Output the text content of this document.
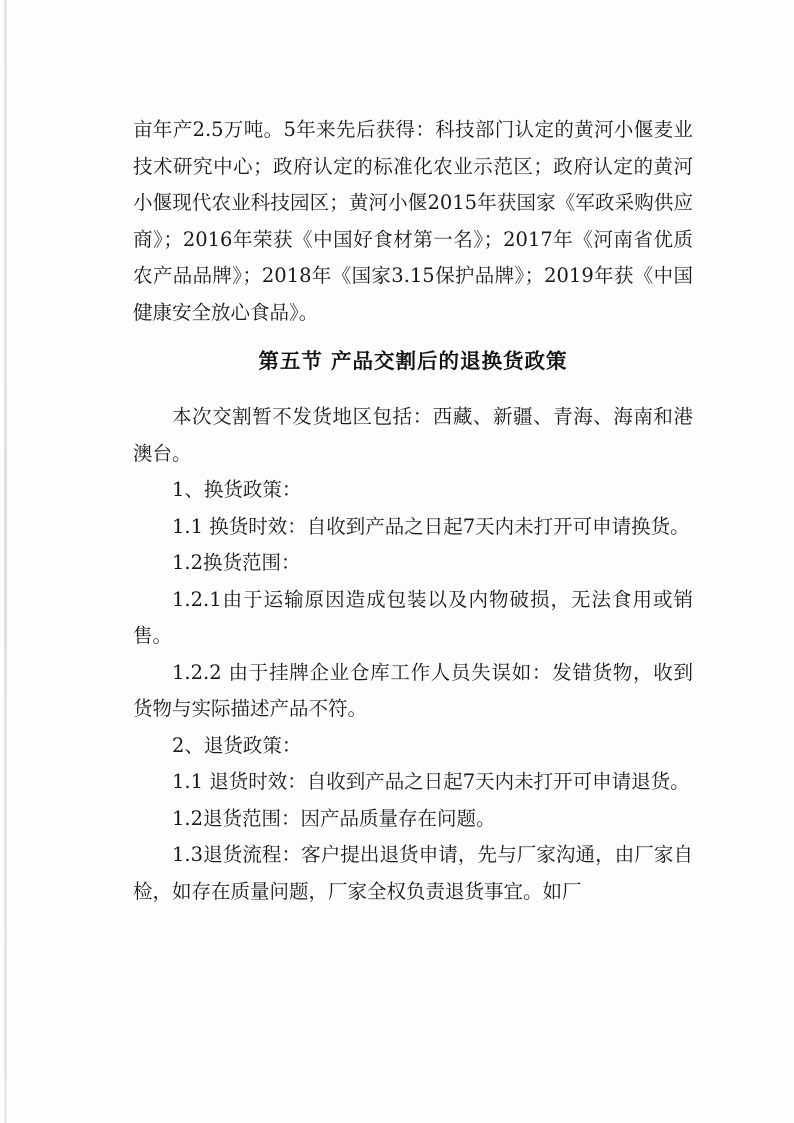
亩年产2.5万吨。5年来先后获得：科技部门认定的黄河小偃麦业技术研究中心；政府认定的标准化农业示范区；政府认定的黄河小偃现代农业科技园区；黄河小偃2015年获国家《军政采购供应商》；2016年荣获《中国好食材第一名》；2017年《河南省优质农产品品牌》；2018年《国家3.15保护品牌》；2019年获《中国健康安全放心食品》。

第五节 产品交割后的退换货政策

本次交割暂不发货地区包括：西藏、新疆、青海、海南和港澳台。

1、换货政策：

1.1 换货时效：自收到产品之日起7天内未打开可申请换货。

1.2换货范围：

1.2.1由于运输原因造成包装以及内物破损，无法食用或销售。

1.2.2 由于挂牌企业仓库工作人员失误如：发错货物，收到货物与实际描述产品不符。

2、退货政策：

1.1 退货时效：自收到产品之日起7天内未打开可申请退货。

1.2退货范围：因产品质量存在问题。

1.3退货流程：客户提出退货申请，先与厂家沟通，由厂家自检，如存在质量问题，厂家全权负责退货事宜。如厂
